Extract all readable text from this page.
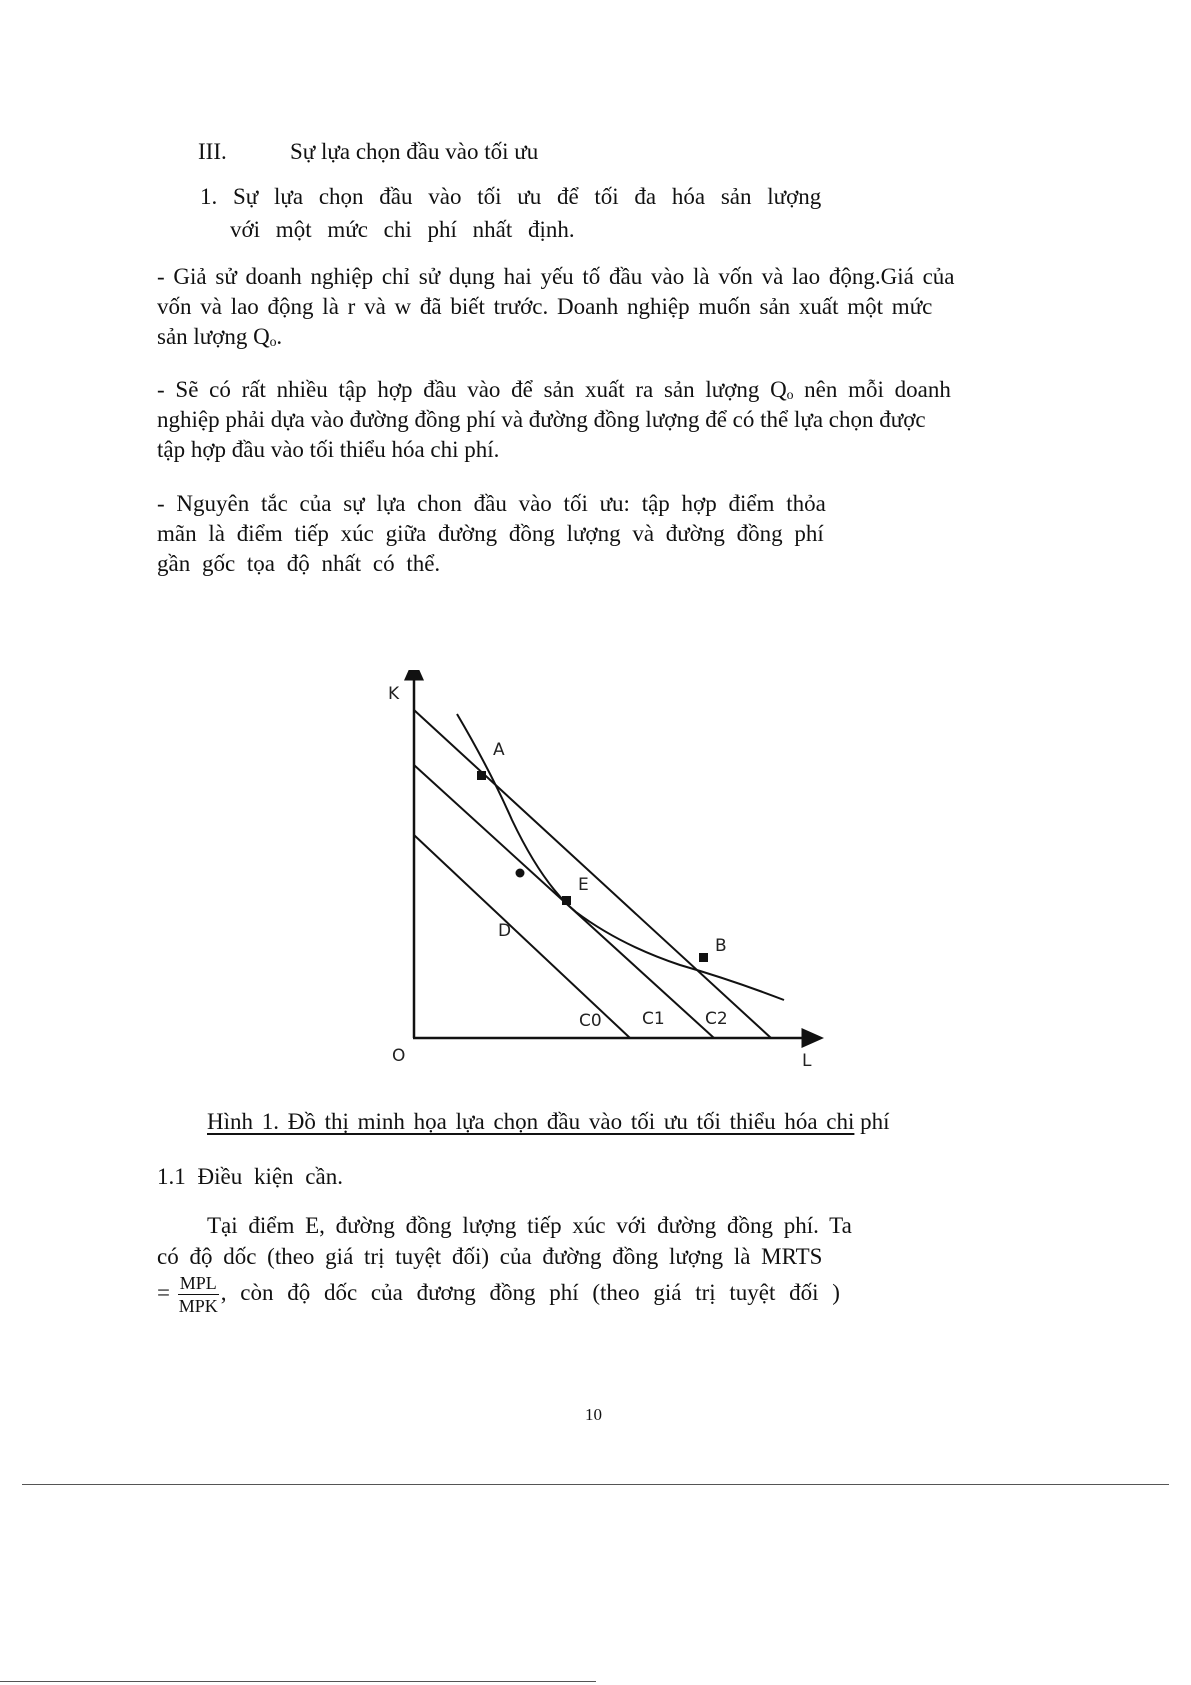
III.	Sự lựa chọn đầu vào tối ưu
1. Sự lựa chọn đầu vào tối ưu để tối đa hóa sản lượng
với một mức chi phí nhất định.
- Giả sử doanh nghiệp chỉ sử dụng hai yếu tố đầu vào là vốn và lao động.Giá của
vốn và lao động là r và w đã biết trước. Doanh nghiệp muốn sản xuất một mức
sản lượng Qₒ.
- Sẽ có rất nhiều tập hợp đầu vào để sản xuất ra sản lượng Qₒ nên mỗi doanh
nghiệp phải dựa vào đường đồng phí và đường đồng lượng để có thể lựa chọn được
tập hợp đầu vào tối thiểu hóa chi phí.
- Nguyên tắc của sự lựa chon đầu vào tối ưu: tập hợp điểm thỏa
mãn là điểm tiếp xúc giữa đường đồng lượng và đường đồng phí
gần gốc tọa độ nhất có thể.
K
L
O
A
E
D
B
C0 C1 C2
Hình 1. Đồ thị minh họa lựa chọn đầu vào tối ưu tối thiểu hóa chi phí
1.1 Điều kiện cần.
Tại điểm E, đường đồng lượng tiếp xúc với đường đồng phí. Ta
có độ dốc (theo giá trị tuyệt đối) của đường đồng lượng là MRTS
= $\frac{\text{MPL}}{\text{MPK}}$ , còn độ dốc của đương đồng phí (theo giá trị tuyệt đối )
10
